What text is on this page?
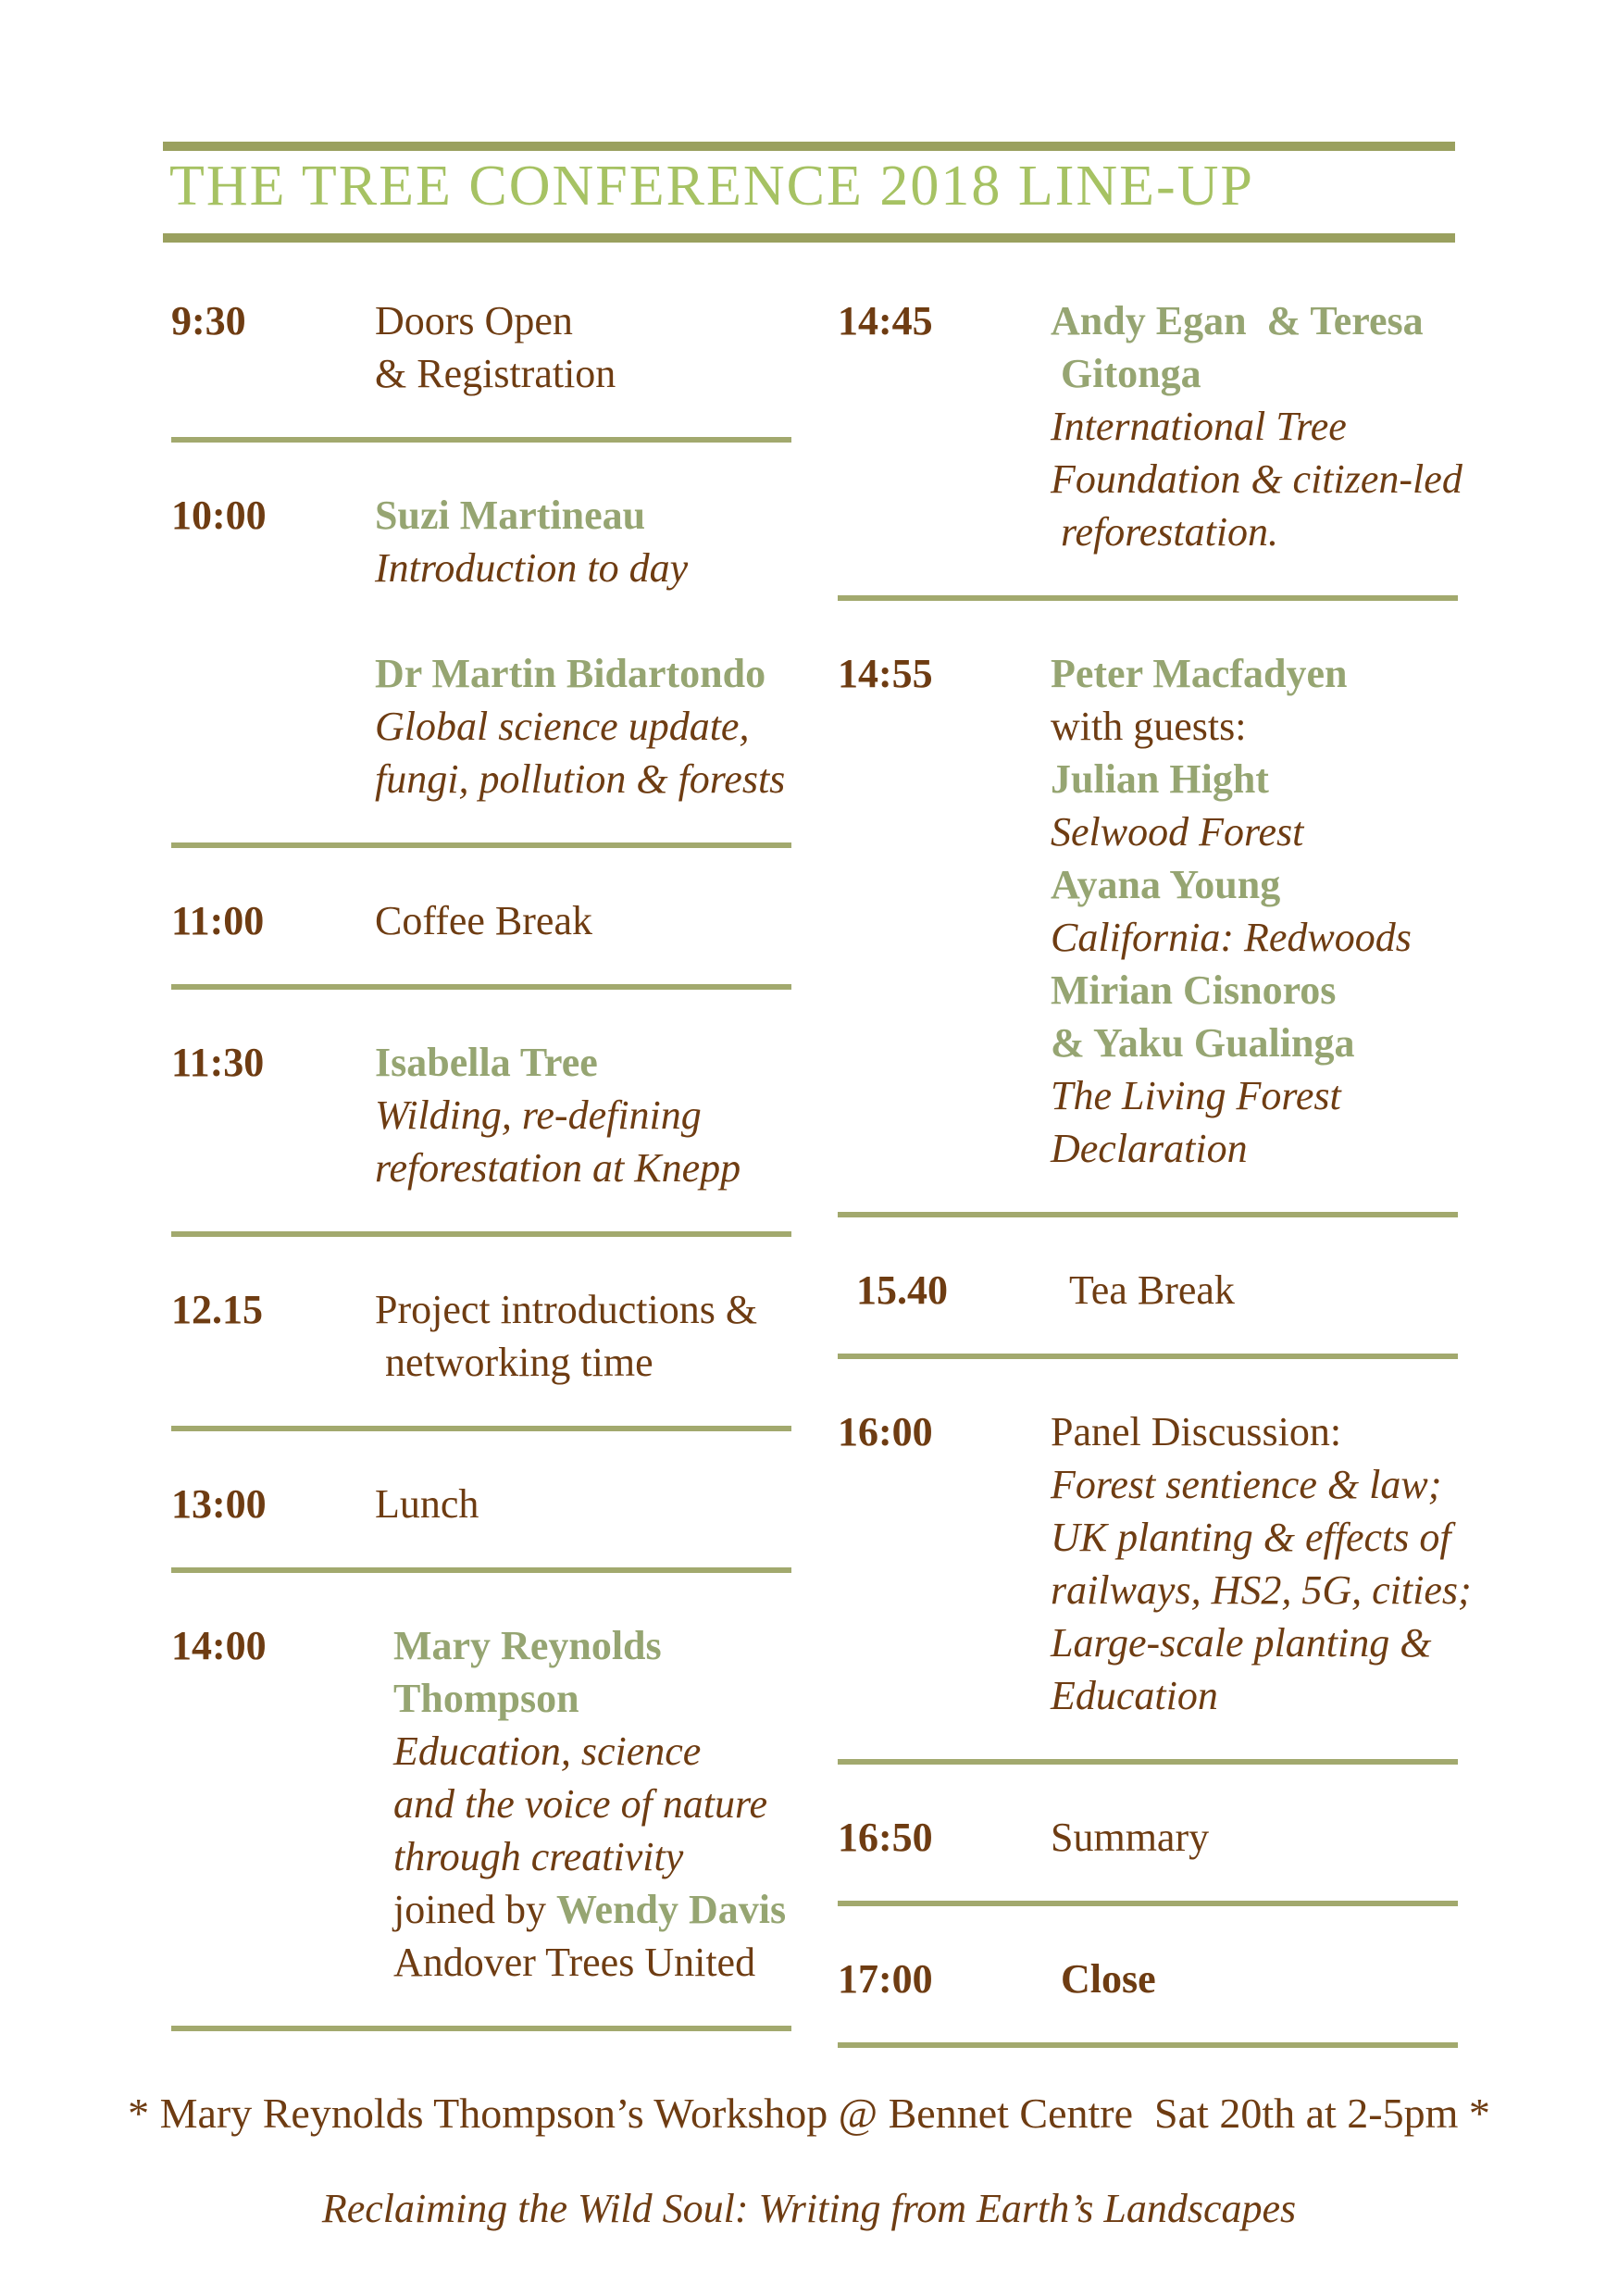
THE TREE CONFERENCE 2018 LINE-UP
9:30	Doors Open
& Registration
10:00	Suzi Martineau
Introduction to day
Dr Martin Bidartondo
Global science update,
fungi, pollution & forests
11:00	Coffee Break
11:30	Isabella Tree
Wilding, re-defining
reforestation at Knepp
12.15	Project introductions &
networking time
13:00	Lunch
14:00	Mary Reynolds
Thompson
Education, science
and the voice of nature
through creativity
joined by Wendy Davis
Andover Trees United
14:45	Andy Egan  & Teresa
Gitonga
International Tree
Foundation & citizen-led
reforestation.
14:55	Peter Macfadyen
with guests:
Julian Hight
Selwood Forest
Ayana Young
California: Redwoods
Mirian Cisnoros
& Yaku Gualinga
The Living Forest
Declaration
15.40	Tea Break
16:00	Panel Discussion:
Forest sentience & law;
UK planting & effects of
railways, HS2, 5G, cities;
Large-scale planting &
Education
16:50	Summary
17:00	Close

* Mary Reynolds Thompson’s Workshop @ Bennet Centre  Sat 20th at 2-5pm *

Reclaiming the Wild Soul: Writing from Earth’s Landscapes
